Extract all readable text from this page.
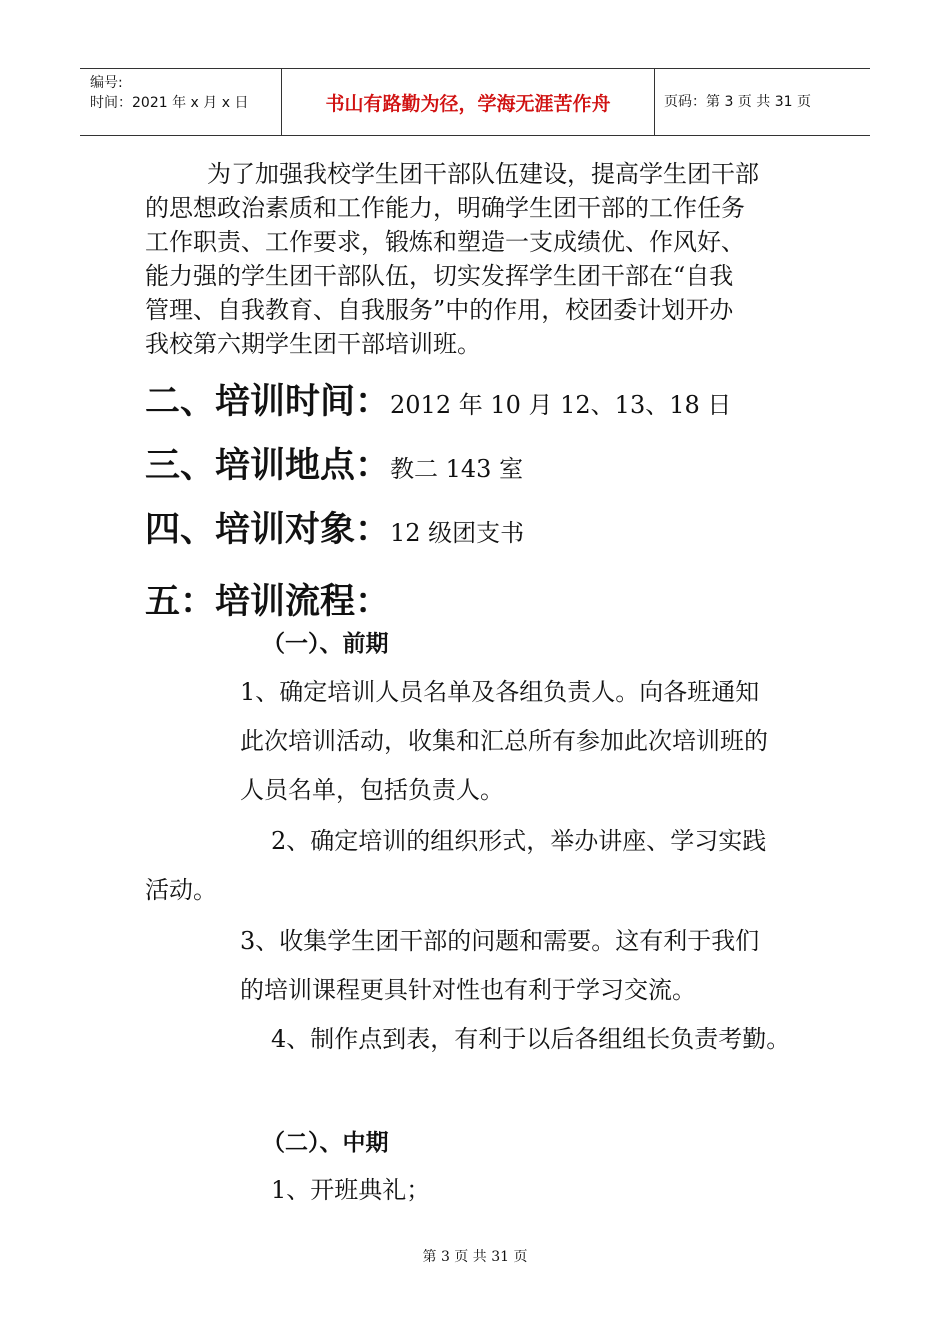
编号:
时间：2021 年 x 月 x 日	书山有路勤为径，学海无涯苦作舟	页码：第 3 页 共 31 页
为了加强我校学生团干部队伍建设，提高学生团干部
的思想政治素质和工作能力，明确学生团干部的工作任务
工作职责、工作要求，锻炼和塑造一支成绩优、作风好、
能力强的学生团干部队伍，切实发挥学生团干部在“自我
管理、自我教育、自我服务”中的作用，校团委计划开办
我校第六期学生团干部培训班。
二、培训时间：2012 年 10 月 12、13、18 日
三、培训地点：教二 143 室
四、培训对象：12 级团支书
五：培训流程：
（一）、前期
1、确定培训人员名单及各组负责人。向各班通知
此次培训活动，收集和汇总所有参加此次培训班的
人员名单，包括负责人。
2、确定培训的组织形式，举办讲座、学习实践
活动。
3、收集学生团干部的问题和需要。这有利于我们
的培训课程更具针对性也有利于学习交流。
4、制作点到表，有利于以后各组组长负责考勤。
（二）、中期
1、开班典礼；
第 3 页 共 31 页
